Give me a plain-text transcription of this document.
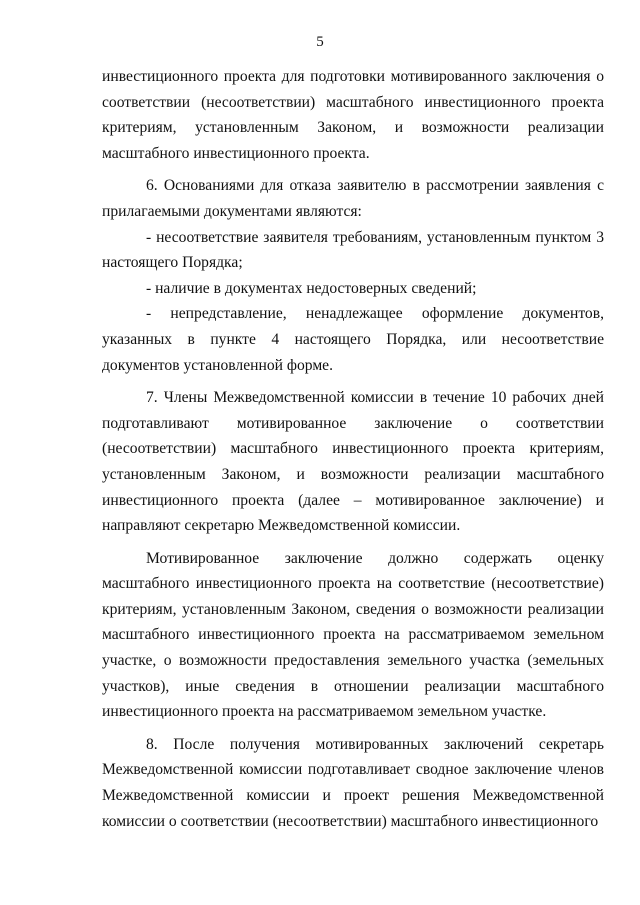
5

инвестиционного проекта для подготовки мотивированного заключения о соответствии (несоответствии) масштабного инвестиционного проекта критериям, установленным Законом, и возможности реализации масштабного инвестиционного проекта.

6. Основаниями для отказа заявителю в рассмотрении заявления с прилагаемыми документами являются:

- несоответствие заявителя требованиям, установленным пунктом 3 настоящего Порядка;

- наличие в документах недостоверных сведений;

- непредставление, ненадлежащее оформление документов, указанных в пункте 4 настоящего Порядка, или несоответствие документов установленной форме.

7. Члены Межведомственной комиссии в течение 10 рабочих дней подготавливают мотивированное заключение о соответствии (несоответствии) масштабного инвестиционного проекта критериям, установленным Законом, и возможности реализации масштабного инвестиционного проекта (далее – мотивированное заключение) и направляют секретарю Межведомственной комиссии.

Мотивированное заключение должно содержать оценку масштабного инвестиционного проекта на соответствие (несоответствие) критериям, установленным Законом, сведения о возможности реализации масштабного инвестиционного проекта на рассматриваемом земельном участке, о возможности предоставления земельного участка (земельных участков), иные сведения в отношении реализации масштабного инвестиционного проекта на рассматриваемом земельном участке.

8. После получения мотивированных заключений секретарь Межведомственной комиссии подготавливает сводное заключение членов Межведомственной комиссии и проект решения Межведомственной комиссии о соответствии (несоответствии) масштабного инвестиционного
